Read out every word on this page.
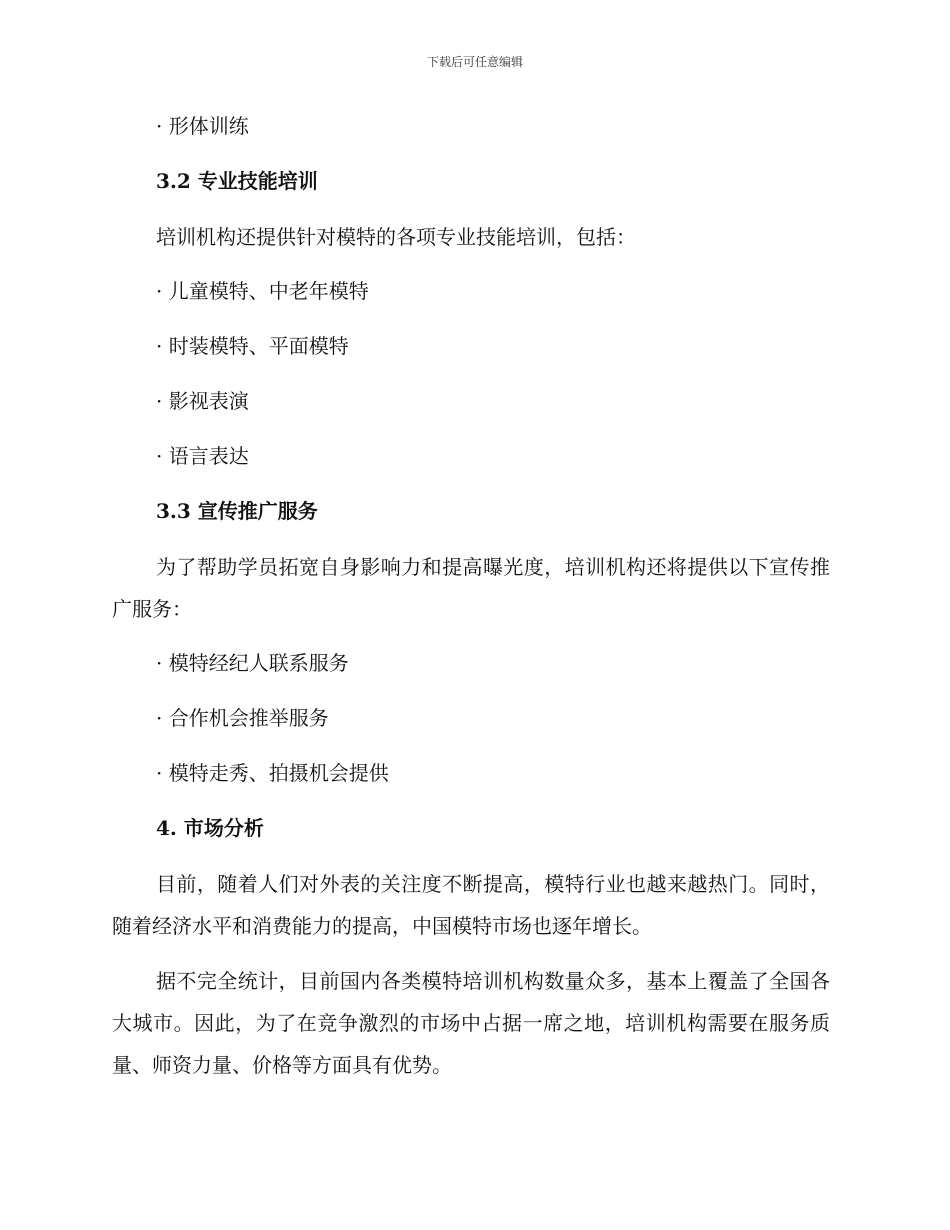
下载后可任意编辑
· 形体训练
3.2 专业技能培训
培训机构还提供针对模特的各项专业技能培训，包括：
· 儿童模特、中老年模特
· 时装模特、平面模特
· 影视表演
· 语言表达
3.3 宣传推广服务
为了帮助学员拓宽自身影响力和提高曝光度，培训机构还将提供以下宣传推广服务：
· 模特经纪人联系服务
· 合作机会推举服务
· 模特走秀、拍摄机会提供
4. 市场分析
目前，随着人们对外表的关注度不断提高，模特行业也越来越热门。同时，随着经济水平和消费能力的提高，中国模特市场也逐年增长。
据不完全统计，目前国内各类模特培训机构数量众多，基本上覆盖了全国各大城市。因此，为了在竞争激烈的市场中占据一席之地，培训机构需要在服务质量、师资力量、价格等方面具有优势。
